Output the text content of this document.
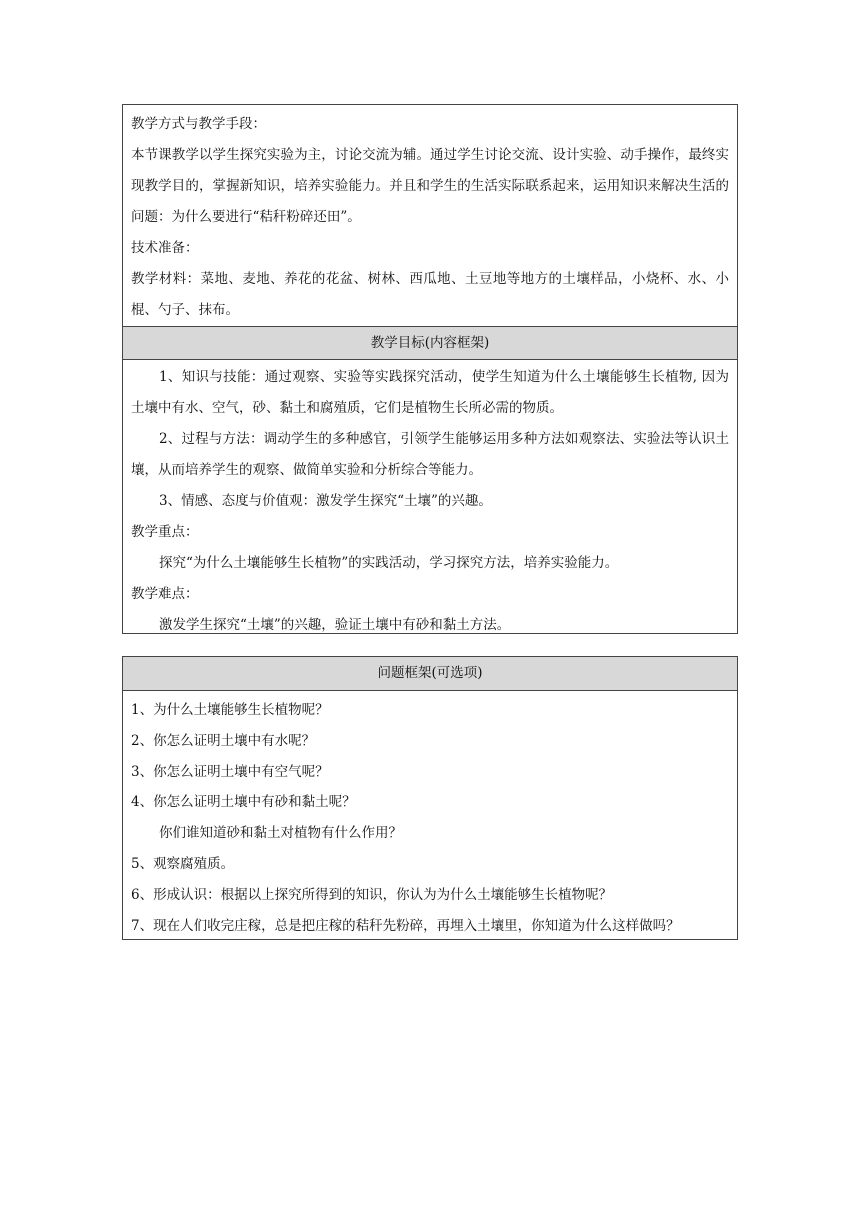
教学方式与教学手段：
本节课教学以学生探究实验为主，讨论交流为辅。通过学生讨论交流、设计实验、动手操作，最终实现教学目的，掌握新知识，培养实验能力。并且和学生的生活实际联系起来，运用知识来解决生活的问题：为什么要进行“秸秆粉碎还田”。
技术准备：
教学材料：菜地、麦地、养花的花盆、树林、西瓜地、土豆地等地方的土壤样品，小烧杯、水、小棍、勺子、抹布。
教学目标(内容框架)
1、知识与技能：通过观察、实验等实践探究活动，使学生知道为什么土壤能够生长植物, 因为土壤中有水、空气，砂、黏土和腐殖质，它们是植物生长所必需的物质。
2、过程与方法：调动学生的多种感官，引领学生能够运用多种方法如观察法、实验法等认识土壤，从而培养学生的观察、做简单实验和分析综合等能力。
3、情感、态度与价值观：激发学生探究“土壤”的兴趣。
教学重点：
探究“为什么土壤能够生长植物”的实践活动，学习探究方法，培养实验能力。
教学难点：
激发学生探究“土壤”的兴趣，验证土壤中有砂和黏土方法。
问题框架(可选项)
1、为什么土壤能够生长植物呢？
2、你怎么证明土壤中有水呢？
3、你怎么证明土壤中有空气呢？
4、你怎么证明土壤中有砂和黏土呢？
你们谁知道砂和黏土对植物有什么作用？
5、观察腐殖质。
6、形成认识：根据以上探究所得到的知识，你认为为什么土壤能够生长植物呢？
7、现在人们收完庄稼，总是把庄稼的秸秆先粉碎，再埋入土壤里，你知道为什么这样做吗？
